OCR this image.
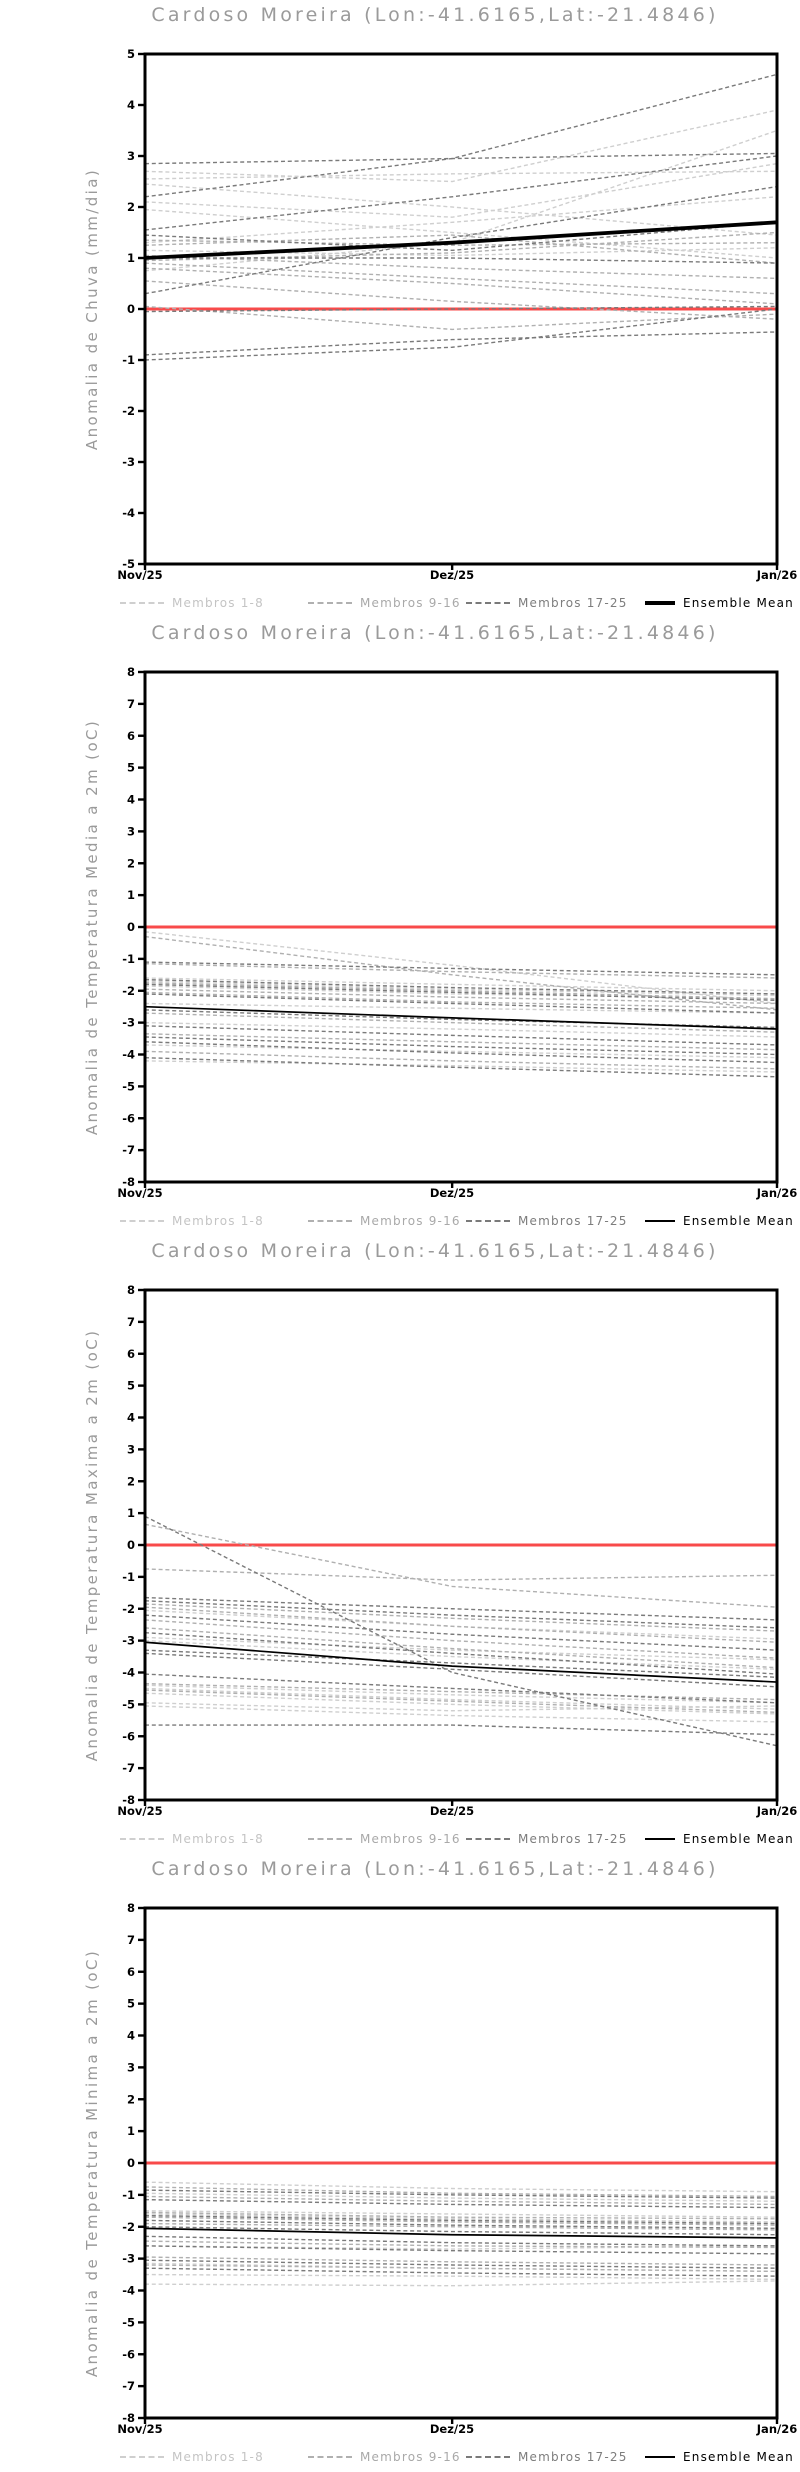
Cardoso Moreira (Lon:-41.6165,Lat:-21.4846)
-5
-4
-3
-2
-1
0
1
2
3
4
5
Anomalia de Chuva (mm/dia)
Nov/25	Dez/25	Jan/26
Membros 1-8	Membros 9-16	Membros 17-25	Ensemble Mean
Cardoso Moreira (Lon:-41.6165,Lat:-21.4846)
-8
-7
-6
-5
-4
-3
-2
-1
0
1
2
3
4
5
6
7
8
Anomalia de Temperatura Media a 2m (oC)
Nov/25	Dez/25	Jan/26
Membros 1-8	Membros 9-16	Membros 17-25	Ensemble Mean
Cardoso Moreira (Lon:-41.6165,Lat:-21.4846)
-8
-7
-6
-5
-4
-3
-2
-1
0
1
2
3
4
5
6
7
8
Anomalia de Temperatura Maxima a 2m (oC)
Nov/25	Dez/25	Jan/26
Membros 1-8	Membros 9-16	Membros 17-25	Ensemble Mean
Cardoso Moreira (Lon:-41.6165,Lat:-21.4846)
-8
-7
-6
-5
-4
-3
-2
-1
0
1
2
3
4
5
6
7
8
Anomalia de Temperatura Minima a 2m (oC)
Nov/25	Dez/25	Jan/26
Membros 1-8	Membros 9-16	Membros 17-25	Ensemble Mean
